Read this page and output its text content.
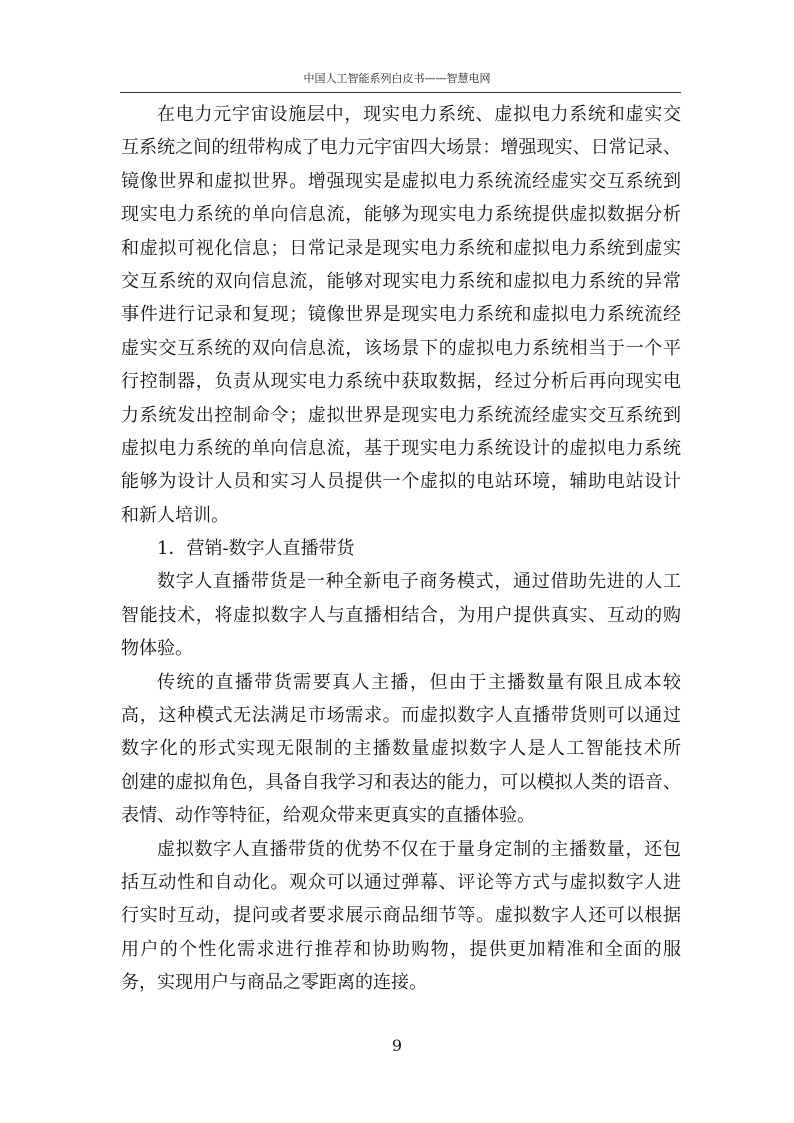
中国人工智能系列白皮书——智慧电网
在电力元宇宙设施层中，现实电力系统、虚拟电力系统和虚实交
互系统之间的纽带构成了电力元宇宙四大场景：增强现实、日常记录、
镜像世界和虚拟世界。增强现实是虚拟电力系统流经虚实交互系统到
现实电力系统的单向信息流，能够为现实电力系统提供虚拟数据分析
和虚拟可视化信息；日常记录是现实电力系统和虚拟电力系统到虚实
交互系统的双向信息流，能够对现实电力系统和虚拟电力系统的异常
事件进行记录和复现；镜像世界是现实电力系统和虚拟电力系统流经
虚实交互系统的双向信息流，该场景下的虚拟电力系统相当于一个平
行控制器，负责从现实电力系统中获取数据，经过分析后再向现实电
力系统发出控制命令；虚拟世界是现实电力系统流经虚实交互系统到
虚拟电力系统的单向信息流，基于现实电力系统设计的虚拟电力系统
能够为设计人员和实习人员提供一个虚拟的电站环境，辅助电站设计
和新人培训。
1．营销-数字人直播带货
数字人直播带货是一种全新电子商务模式，通过借助先进的人工
智能技术，将虚拟数字人与直播相结合，为用户提供真实、互动的购
物体验。
传统的直播带货需要真人主播，但由于主播数量有限且成本较
高，这种模式无法满足市场需求。而虚拟数字人直播带货则可以通过
数字化的形式实现无限制的主播数量虚拟数字人是人工智能技术所
创建的虚拟角色，具备自我学习和表达的能力，可以模拟人类的语音、
表情、动作等特征，给观众带来更真实的直播体验。
虚拟数字人直播带货的优势不仅在于量身定制的主播数量，还包
括互动性和自动化。观众可以通过弹幕、评论等方式与虚拟数字人进
行实时互动，提问或者要求展示商品细节等。虚拟数字人还可以根据
用户的个性化需求进行推荐和协助购物，提供更加精准和全面的服
务，实现用户与商品之零距离的连接。
9
